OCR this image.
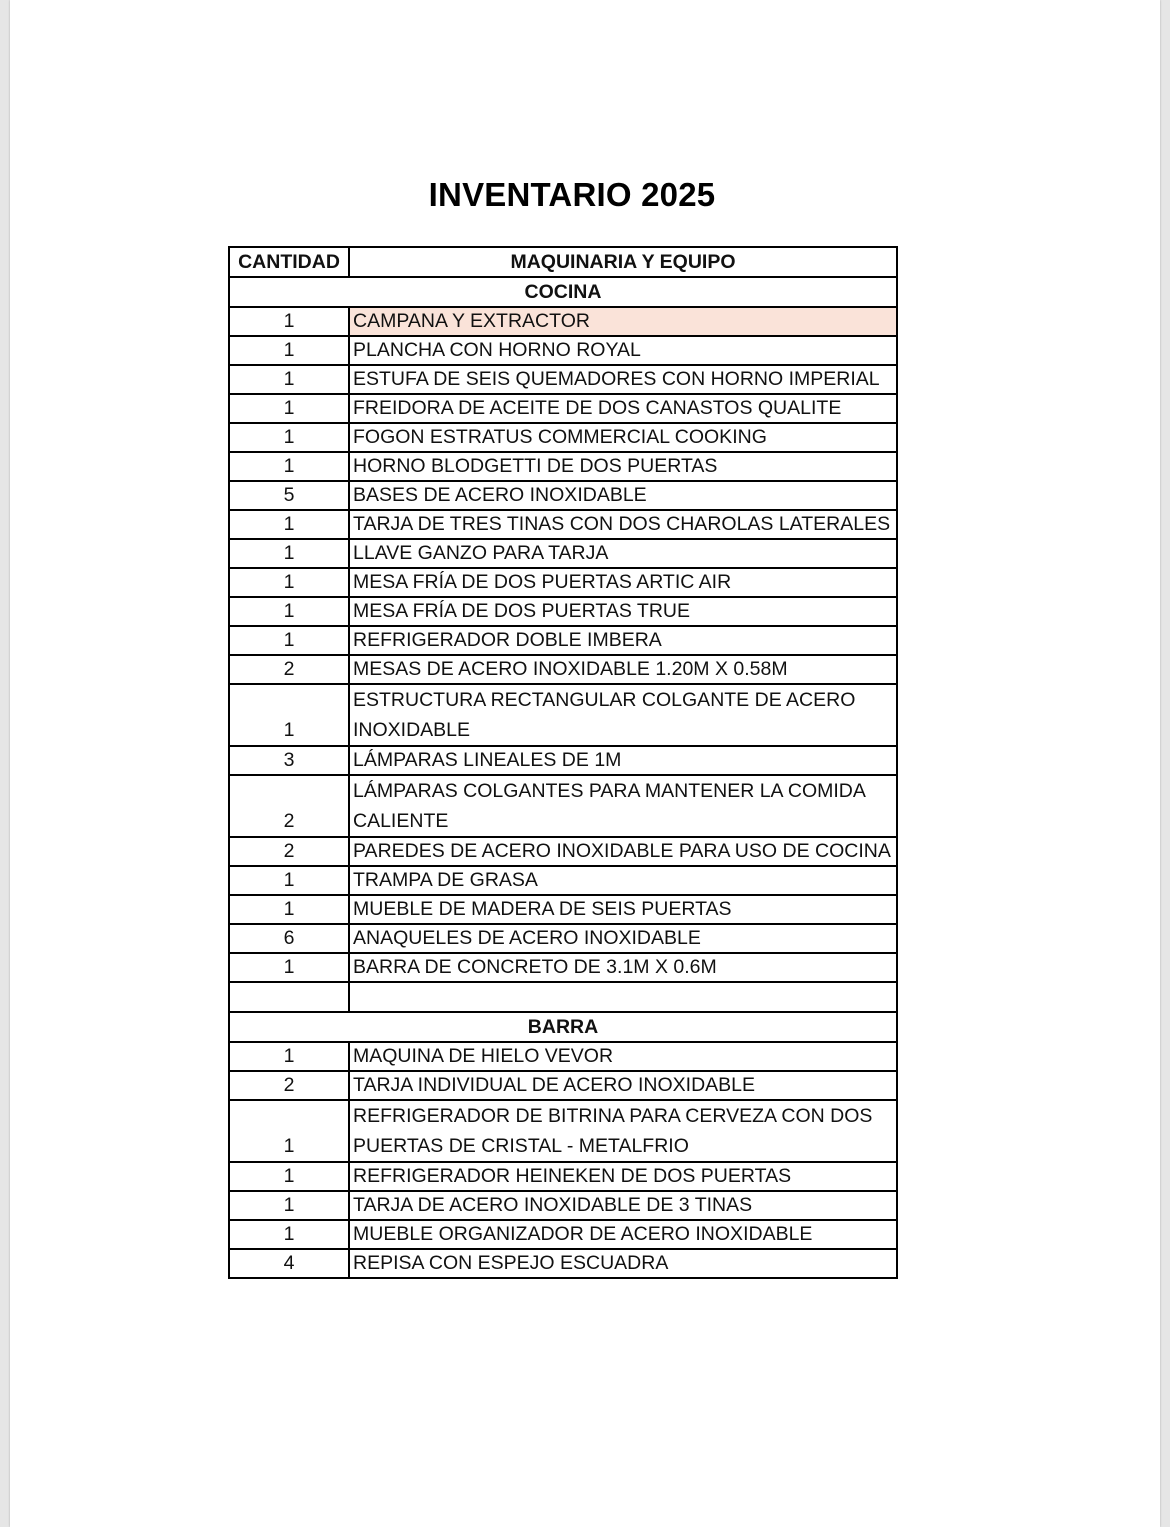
INVENTARIO 2025
CANTIDAD	MAQUINARIA Y EQUIPO
COCINA	
1	CAMPANA Y EXTRACTOR
1	PLANCHA CON HORNO ROYAL
1	ESTUFA DE SEIS QUEMADORES CON HORNO IMPERIAL
1	FREIDORA DE ACEITE DE DOS CANASTOS QUALITE
1	FOGON ESTRATUS COMMERCIAL COOKING
1	HORNO BLODGETTI DE DOS PUERTAS
5	BASES DE ACERO INOXIDABLE
1	TARJA DE TRES TINAS CON DOS CHAROLAS LATERALES
1	LLAVE GANZO PARA TARJA
1	MESA FRÍA DE DOS PUERTAS ARTIC AIR
1	MESA FRÍA DE DOS PUERTAS TRUE
1	REFRIGERADOR DOBLE IMBERA
2	MESAS DE ACERO INOXIDABLE 1.20M X 0.58M
1	ESTRUCTURA RECTANGULAR COLGANTE DE ACERO INOXIDABLE
3	LÁMPARAS LINEALES DE 1M
2	LÁMPARAS COLGANTES PARA MANTENER LA COMIDA CALIENTE
2	PAREDES DE ACERO INOXIDABLE PARA USO DE COCINA
1	TRAMPA DE GRASA
1	MUEBLE DE MADERA DE SEIS PUERTAS
6	ANAQUELES DE ACERO INOXIDABLE
1	BARRA DE CONCRETO DE 3.1M X 0.6M

BARRA	
1	MAQUINA DE HIELO VEVOR
2	TARJA INDIVIDUAL DE ACERO INOXIDABLE
1	REFRIGERADOR DE BITRINA PARA CERVEZA CON DOS PUERTAS DE CRISTAL - METALFRIO
1	REFRIGERADOR HEINEKEN DE DOS PUERTAS
1	TARJA DE ACERO INOXIDABLE DE 3 TINAS
1	MUEBLE ORGANIZADOR DE ACERO INOXIDABLE
4	REPISA CON ESPEJO ESCUADRA
